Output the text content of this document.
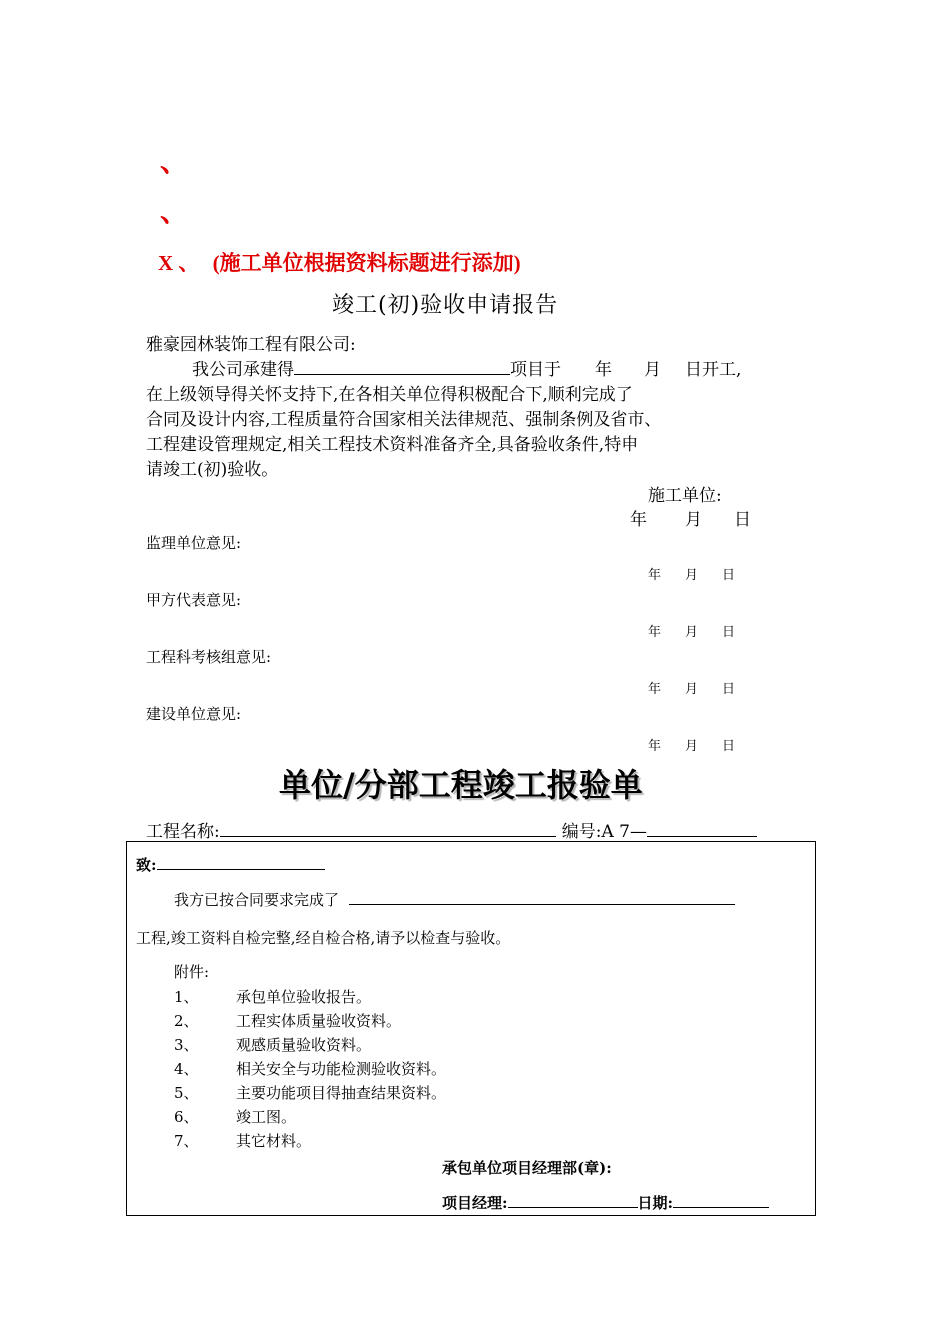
、
、
X 、 (施工单位根据资料标题进行添加)
竣工(初)验收申请报告
雅豪园林装饰工程有限公司:
我公司承建得	项目于 年 月 日开工,
在上级领导得关怀支持下,在各相关单位得积极配合下,顺利完成了
合同及设计内容,工程质量符合国家相关法律规范、强制条例及省市、
工程建设管理规定,相关工程技术资料准备齐全,具备验收条件,特申
请竣工(初)验收。
施工单位:
年 月 日
监理单位意见:
年 月 日
甲方代表意见:
年 月 日
工程科考核组意见:
年 月 日
建设单位意见:
年 月 日
单位/分部工程竣工报验单
工程名称:	编号:A 7—
致:
我方已按合同要求完成了
工程,竣工资料自检完整,经自检合格,请予以检查与验收。
附件:
1、 承包单位验收报告。
2、 工程实体质量验收资料。
3、 观感质量验收资料。
4、 相关安全与功能检测验收资料。
5、 主要功能项目得抽查结果资料。
6、 竣工图。
7、 其它材料。
承包单位项目经理部(章):
项目经理:	日期:
